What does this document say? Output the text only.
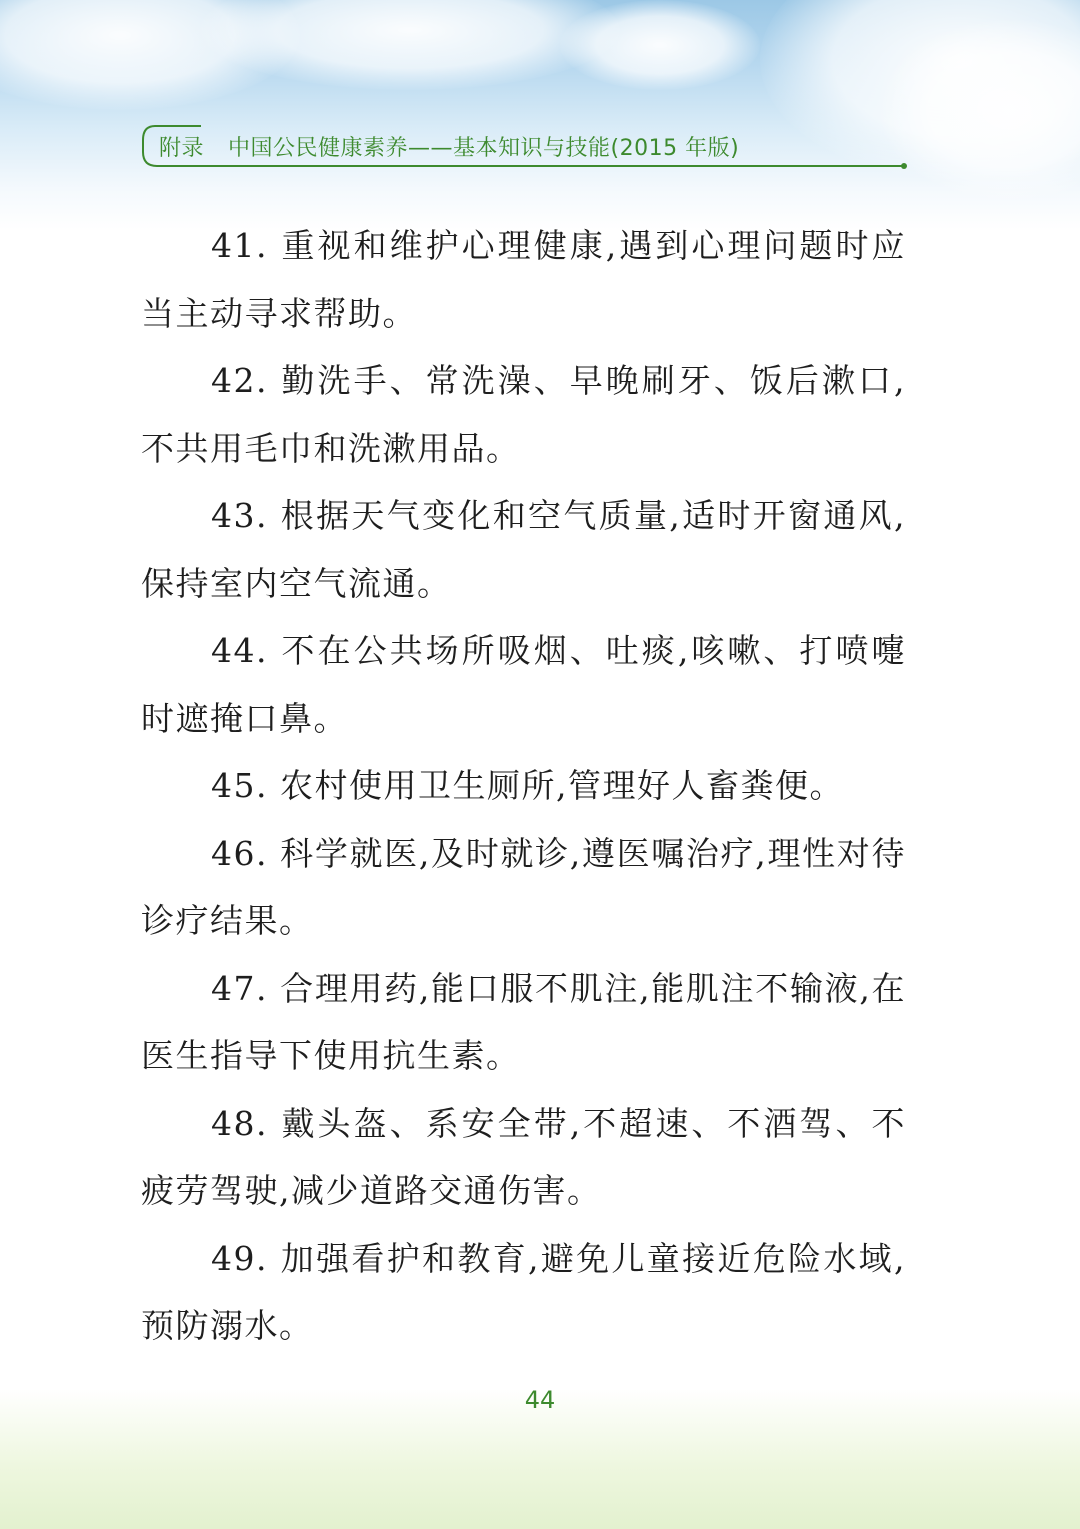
附录 中国公民健康素养——基本知识与技能(2015 年版)

41. 重视和维护心理健康,遇到心理问题时应当主动寻求帮助。

42. 勤洗手、常洗澡、早晚刷牙、饭后漱口,不共用毛巾和洗漱用品。

43. 根据天气变化和空气质量,适时开窗通风,保持室内空气流通。

44. 不在公共场所吸烟、吐痰,咳嗽、打喷嚏时遮掩口鼻。

45. 农村使用卫生厕所,管理好人畜粪便。

46. 科学就医,及时就诊,遵医嘱治疗,理性对待诊疗结果。

47. 合理用药,能口服不肌注,能肌注不输液,在医生指导下使用抗生素。

48. 戴头盔、系安全带,不超速、不酒驾、不疲劳驾驶,减少道路交通伤害。

49. 加强看护和教育,避免儿童接近危险水域,预防溺水。

44
